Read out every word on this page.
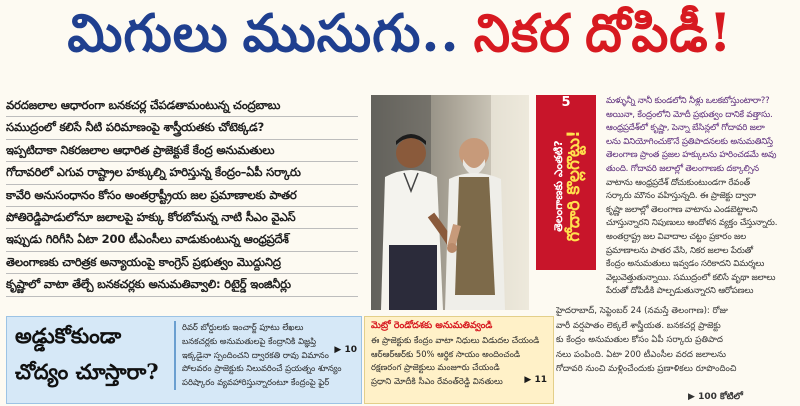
మిగులు ముసుగు.. నికర దోపిడీ!
వరదజలాల ఆధారంగా బనకచర్ల చేపడతామంటున్న చంద్రబాబు
సముద్రంలో కలిసే నీటి పరిమాణంపై శాస్త్రీయతకు చోటెక్కడ?
ఇప్పటిదాకా నికరజలాల ఆధారిత ప్రాజెక్టుకే కేంద్ర అనుమతులు
గోదావరిలో ఎగువ రాష్ట్రాల హక్కుల్ని హరిస్తున్న కేంద్రం–ఏపీ సర్కారు
కావేరి అనుసంధానం కోసం అంతర్రాష్ట్రీయ జల ప్రమాణాలకు పాతర
పోతిరెడ్డిపాడులోనూ జలాలపై హక్కు కోరబోమన్న నాటి సీఎం వైఎస్
ఇప్పుడు గిరిగీసి ఏటా 200 టీఎంసీలు వాడుకుంటున్న ఆంధ్రప్రదేశ్
తెలంగాణకు చారిత్రక అన్యాయంపై కాంగ్రెస్ ప్రభుత్వం మొద్దునిద్ర
కృష్ణాలో వాటా తేల్చే బనకచర్లకు అనుమతివ్వాలి: రిటైర్డ్ ఇంజినీర్లు
5
తెలంగాణకు ఎంతటి? గోదారి కొల్లగొట్టు!
మళ్ళున్నీ నానీ కుండలోని నీళ్లు ఒలకబోస్తుంటారా??
అయినా, కేంద్రంలోని మోదీ ప్రభుత్వం దానికే వత్తాసు.
ఆంధ్రప్రదేశ్‌లో కృష్ణా, పెన్నా బేసిన్లలో గోదావరి జలా
లను వినియోగించుకొనే ప్రతిపాదనలకు అనుమతినిస్తే
తెలంగాణ ప్రాంత ప్రజల హక్కులను హరించడమే అవు
తుంది. గోదావరి జలాల్లో తెలంగాణకు దక్కాల్సిన
వాటాను ఆంధ్రప్రదేశ్ దోచుకుంటుండగా రేవంత్
సర్కారు మౌనం వహిస్తున్నది. ఈ ప్రాజెక్టు ద్వారా
కృష్ణా జలాల్లో తెలంగాణ వాటాను ఎండబెట్టాలని
చూస్తున్నారని నిపుణులు ఆందోళన వ్యక్తం చేస్తున్నారు.
అంతర్రాష్ట్ర జల వివాదాల చట్టం ప్రకారం జల
ప్రమాణాలను పాతర వేసి, నికర జలాల పేరుతో
కేంద్రం అనుమతులు ఇవ్వడం సరికాదని విమర్శలు
వెల్లువెత్తుతున్నాయి. సముద్రంలో కలిసే వృథా జలాలు
పేరుతో దోపిడీకి పాల్పడుతున్నారని ఆరోపణలు
హైదరాబాద్, సెప్టెంబర్ 24 (నమస్తే తెలంగాణ): రోజు
వారీ వర్షపాతం లెక్కలే శాస్త్రీయత. బనకచర్ల ప్రాజెక్టు
కు కేంద్రం అనుమతుల కోసం ఏపీ సర్కారు ప్రతిపాద
నలు పంపింది. ఏటా 200 టీఎంసీల వరద జలాలను
గోదావరి నుంచి మళ్లించేందుకు ప్రణాళికలు రూపొందించి
▶ 100 కోటిలో
అడ్డుకోకుండా
చోద్యం చూస్తారా?
రివర్ బోర్డులకు ఇంచార్జ్ పూటు లేఖలు
బనకచర్లకు అనుమతులపై కేంద్రానికి విజ్ఞప్తి
ఇక్కడైనా స్పందించని ద్వారకతి రావు విమానం
పోలవరం ప్రాజెక్టుకు నిలువరించే ప్రయత్నం శూన్యం
పరిష్కారం వ్యవహారిస్తున్నారంటూ కేంద్రంపై ఫైర్
▶ 10
మెట్రో రెండోదశకు అనుమతివ్వండి
ఈ ప్రాజెక్టుకు కేంద్రం వాటా నిధులు విడుదల చేయండి
ఆర్ఆర్ఆర్‌కు 50% ఆర్థిక సాయం అందించండి
రక్షణరంగ ప్రాజెక్టులు మంజూరు చేయండి
ప్రధాని మోదీకి సీఎం రేవంత్‌రెడ్డి వినతులు	▶ 11
